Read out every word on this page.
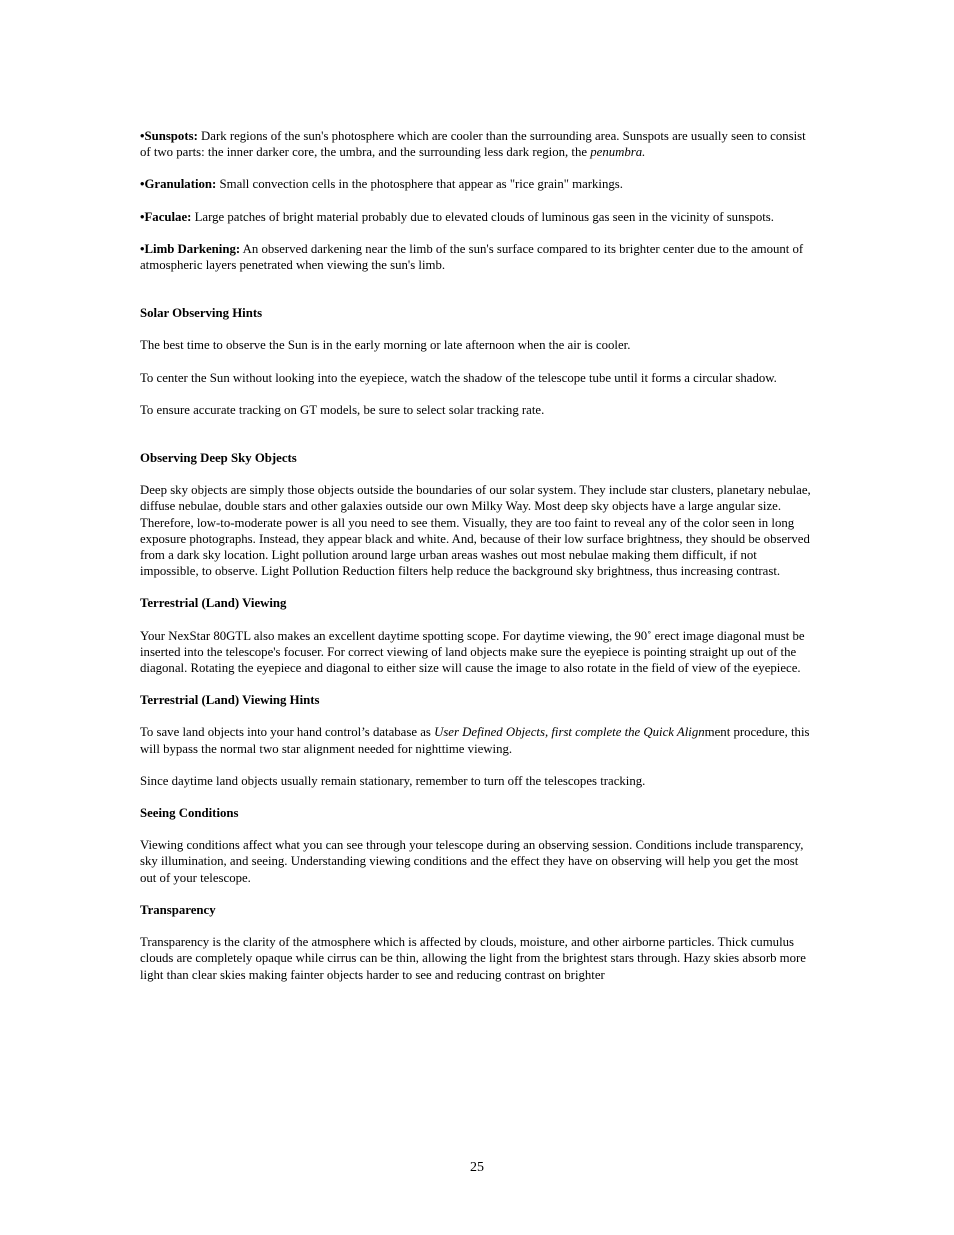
•Sunspots: Dark regions of the sun's photosphere which are cooler than the surrounding area. Sunspots are usually seen to consist of two parts: the inner darker core, the umbra, and the surrounding less dark region, the penumbra.

•Granulation: Small convection cells in the photosphere that appear as "rice grain" markings.

•Faculae: Large patches of bright material probably due to elevated clouds of luminous gas seen in the vicinity of sunspots.

•Limb Darkening: An observed darkening near the limb of the sun's surface compared to its brighter center due to the amount of atmospheric layers penetrated when viewing the sun's limb.

Solar Observing Hints

The best time to observe the Sun is in the early morning or late afternoon when the air is cooler.

To center the Sun without looking into the eyepiece, watch the shadow of the telescope tube until it forms a circular shadow.

To ensure accurate tracking on GT models, be sure to select solar tracking rate.

Observing Deep Sky Objects

Deep sky objects are simply those objects outside the boundaries of our solar system. They include star clusters, planetary nebulae, diffuse nebulae, double stars and other galaxies outside our own Milky Way. Most deep sky objects have a large angular size. Therefore, low-to-moderate power is all you need to see them. Visually, they are too faint to reveal any of the color seen in long exposure photographs. Instead, they appear black and white. And, because of their low surface brightness, they should be observed from a dark sky location. Light pollution around large urban areas washes out most nebulae making them difficult, if not impossible, to observe. Light Pollution Reduction filters help reduce the background sky brightness, thus increasing contrast.

Terrestrial (Land) Viewing

Your NexStar 80GTL also makes an excellent daytime spotting scope. For daytime viewing, the 90˚ erect image diagonal must be inserted into the telescope's focuser. For correct viewing of land objects make sure the eyepiece is pointing straight up out of the diagonal. Rotating the eyepiece and diagonal to either size will cause the image to also rotate in the field of view of the eyepiece.

Terrestrial (Land) Viewing Hints

To save land objects into your hand control’s database as User Defined Objects, first complete the Quick Alignment procedure, this will bypass the normal two star alignment needed for nighttime viewing.

Since daytime land objects usually remain stationary, remember to turn off the telescopes tracking.

Seeing Conditions

Viewing conditions affect what you can see through your telescope during an observing session. Conditions include transparency, sky illumination, and seeing. Understanding viewing conditions and the effect they have on observing will help you get the most out of your telescope.

Transparency

Transparency is the clarity of the atmosphere which is affected by clouds, moisture, and other airborne particles. Thick cumulus clouds are completely opaque while cirrus can be thin, allowing the light from the brightest stars through. Hazy skies absorb more light than clear skies making fainter objects harder to see and reducing contrast on brighter

25
